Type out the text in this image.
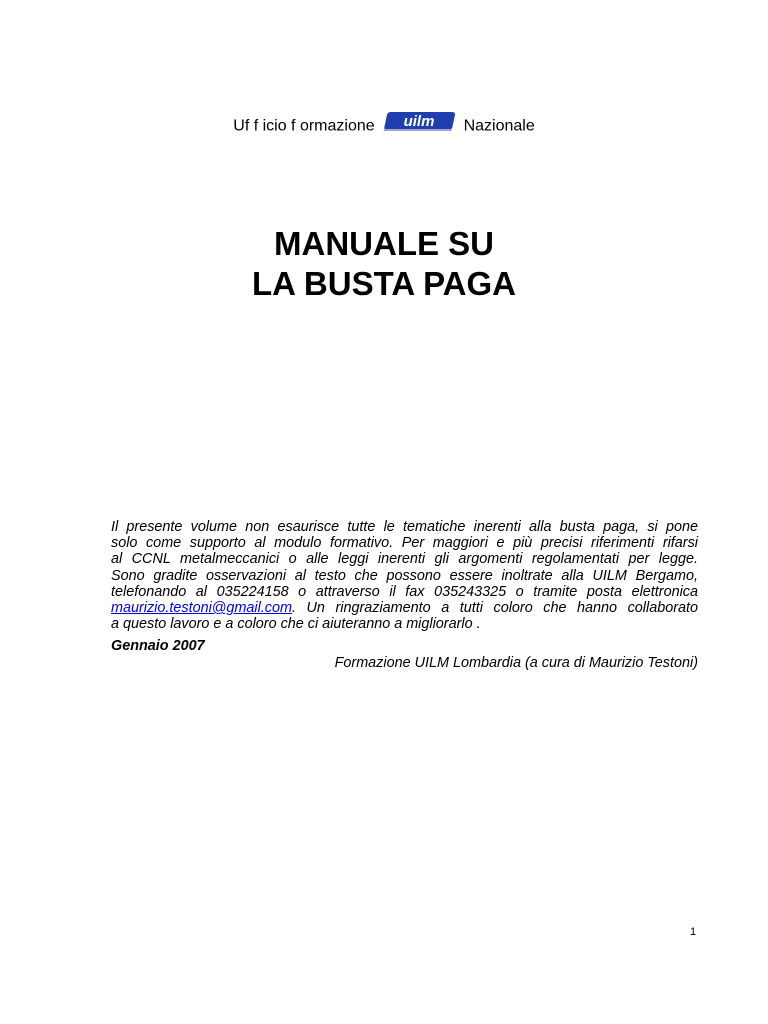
Uf f icio f ormazione uilm Nazionale
MANUALE SU
LA BUSTA PAGA
Il presente volume non esaurisce tutte le tematiche inerenti alla busta paga, si pone
solo come supporto al modulo formativo. Per maggiori e più precisi riferimenti rifarsi
al CCNL metalmeccanici o alle leggi inerenti gli argomenti regolamentati per legge.
Sono gradite osservazioni al testo che possono essere inoltrate alla UILM Bergamo,
telefonando al 035224158 o attraverso il fax 035243325 o tramite posta elettronica
maurizio.testoni@gmail.com. Un ringraziamento a tutti coloro che hanno collaborato
a questo lavoro e a coloro che ci aiuteranno a migliorarlo .
Gennaio 2007
Formazione UILM Lombardia (a cura di Maurizio Testoni)
1
